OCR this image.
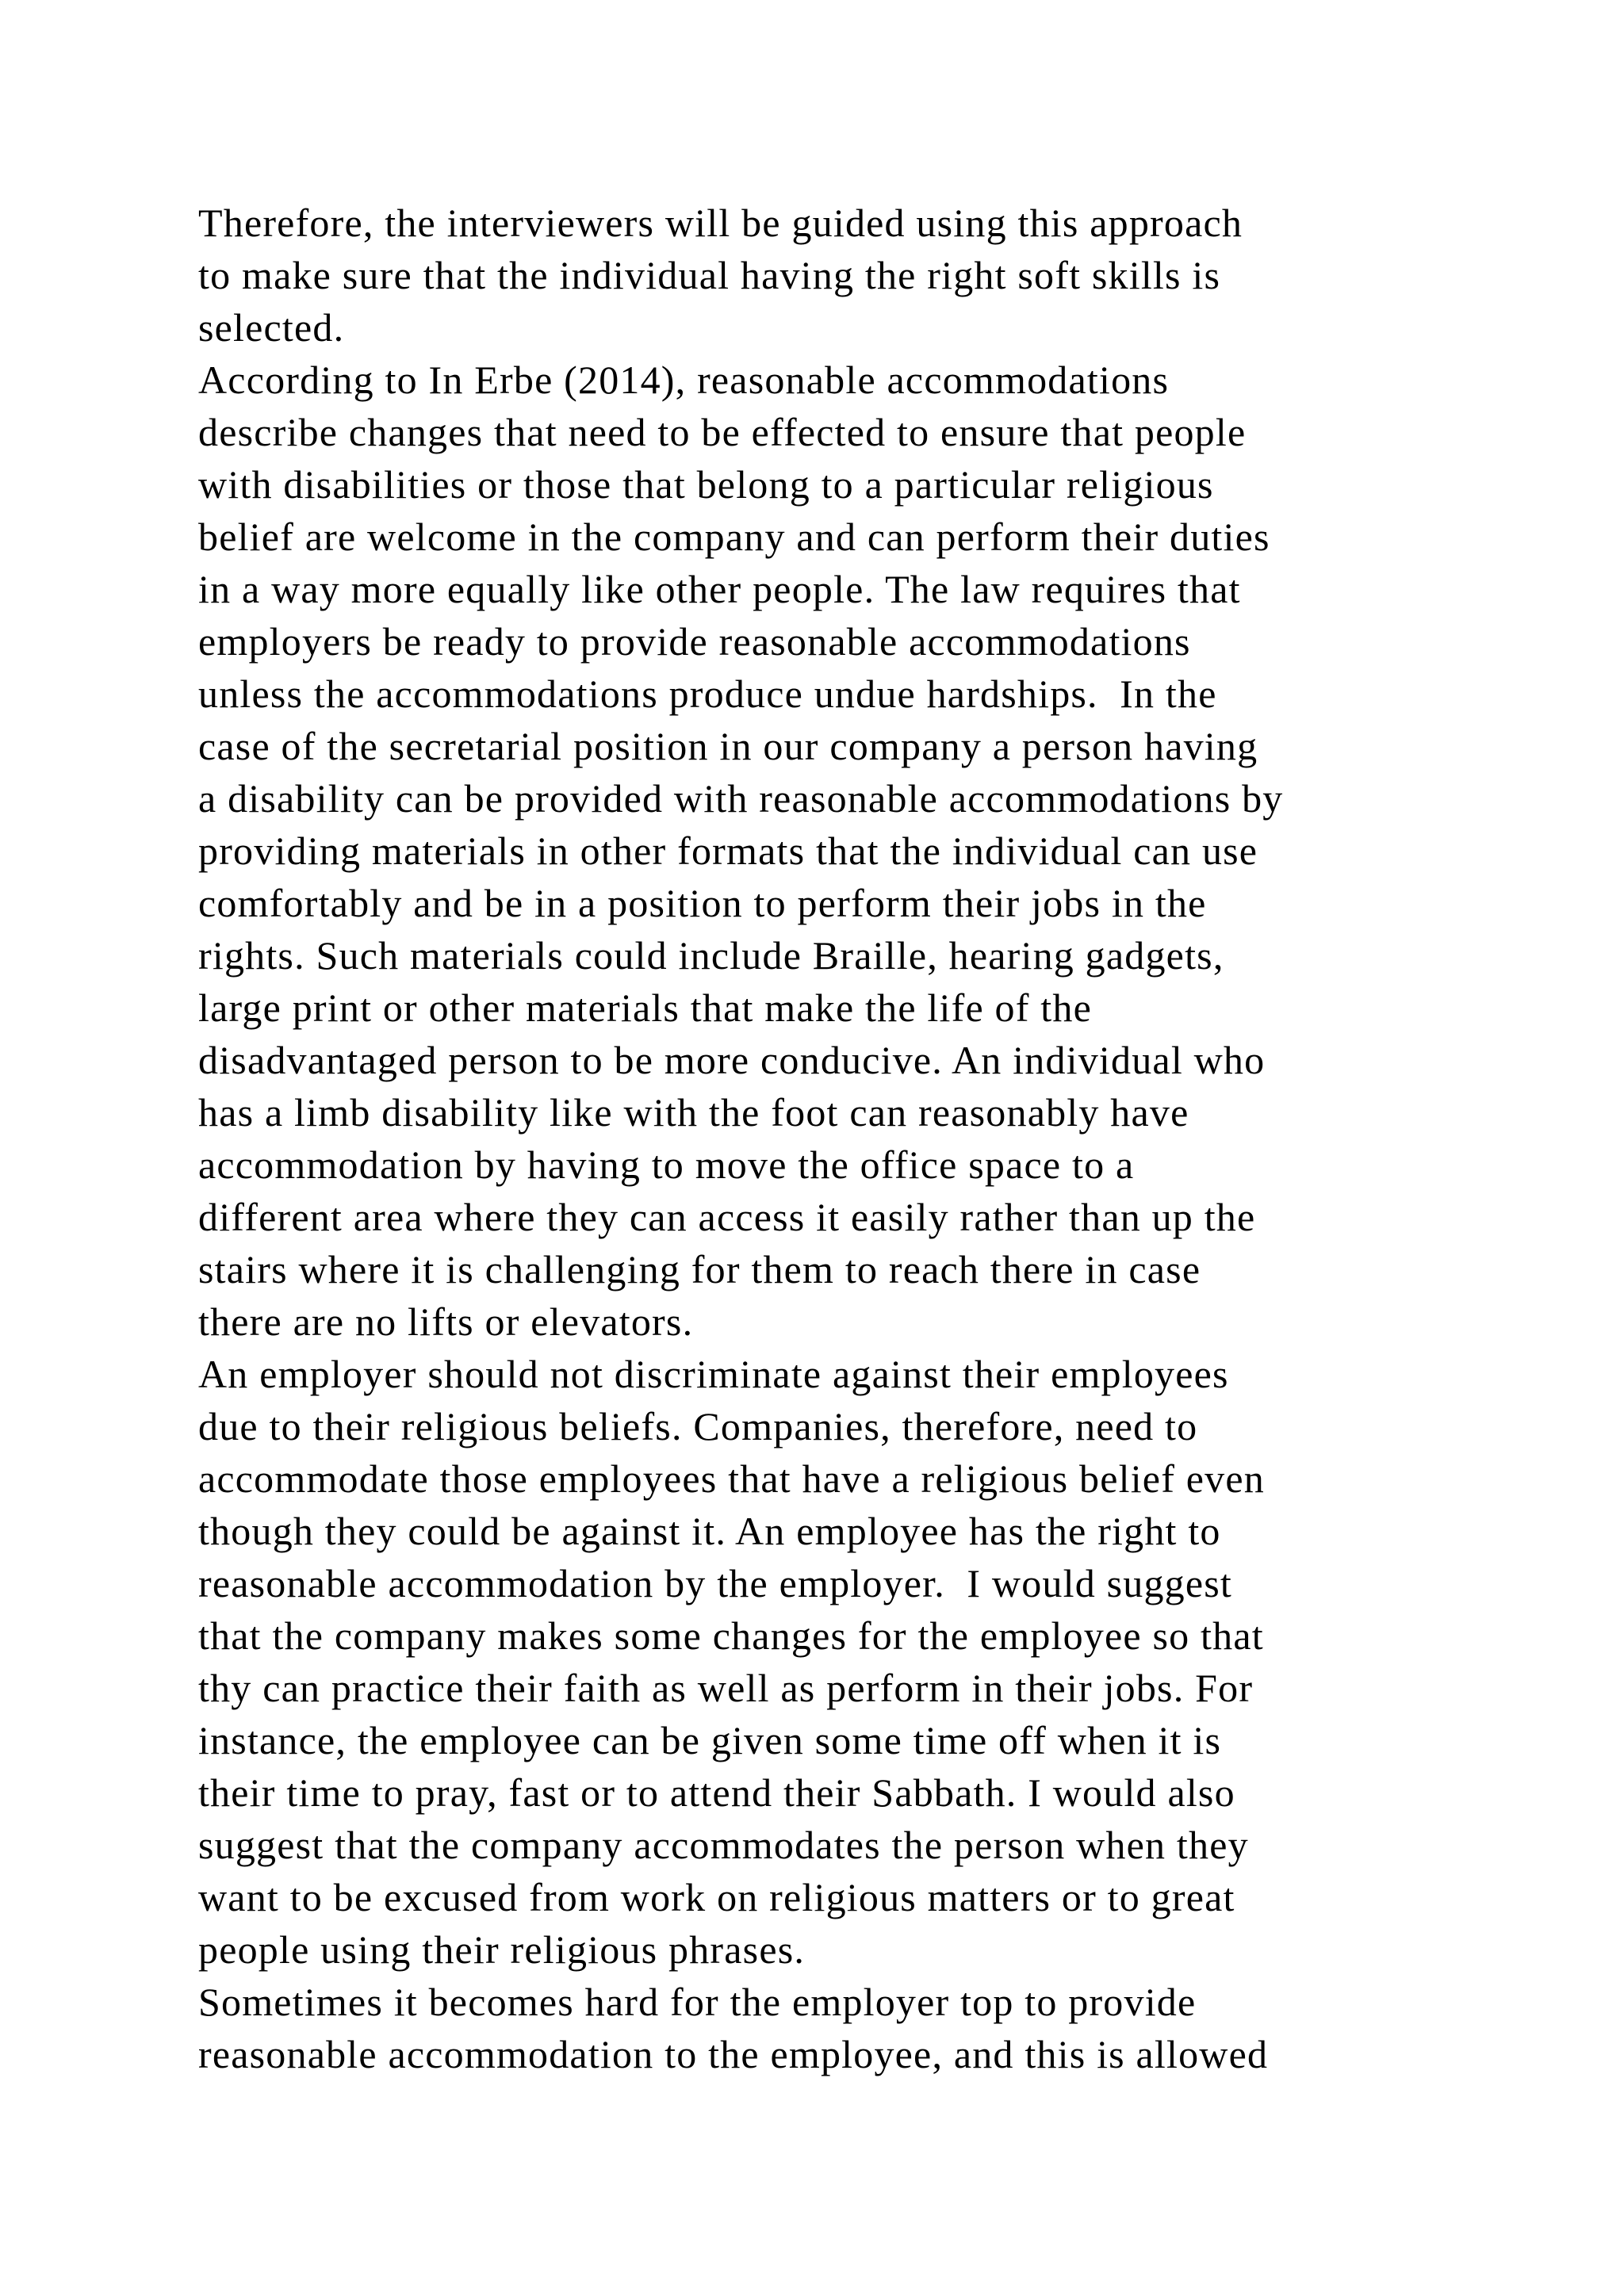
Therefore, the interviewers will be guided using this approach
to make sure that the individual having the right soft skills is
selected.
According to In Erbe (2014), reasonable accommodations
describe changes that need to be effected to ensure that people
with disabilities or those that belong to a particular religious
belief are welcome in the company and can perform their duties
in a way more equally like other people. The law requires that
employers be ready to provide reasonable accommodations
unless the accommodations produce undue hardships.  In the
case of the secretarial position in our company a person having
a disability can be provided with reasonable accommodations by
providing materials in other formats that the individual can use
comfortably and be in a position to perform their jobs in the
rights. Such materials could include Braille, hearing gadgets,
large print or other materials that make the life of the
disadvantaged person to be more conducive. An individual who
has a limb disability like with the foot can reasonably have
accommodation by having to move the office space to a
different area where they can access it easily rather than up the
stairs where it is challenging for them to reach there in case
there are no lifts or elevators.
An employer should not discriminate against their employees
due to their religious beliefs. Companies, therefore, need to
accommodate those employees that have a religious belief even
though they could be against it. An employee has the right to
reasonable accommodation by the employer.  I would suggest
that the company makes some changes for the employee so that
thy can practice their faith as well as perform in their jobs. For
instance, the employee can be given some time off when it is
their time to pray, fast or to attend their Sabbath. I would also
suggest that the company accommodates the person when they
want to be excused from work on religious matters or to great
people using their religious phrases.
Sometimes it becomes hard for the employer top to provide
reasonable accommodation to the employee, and this is allowed
